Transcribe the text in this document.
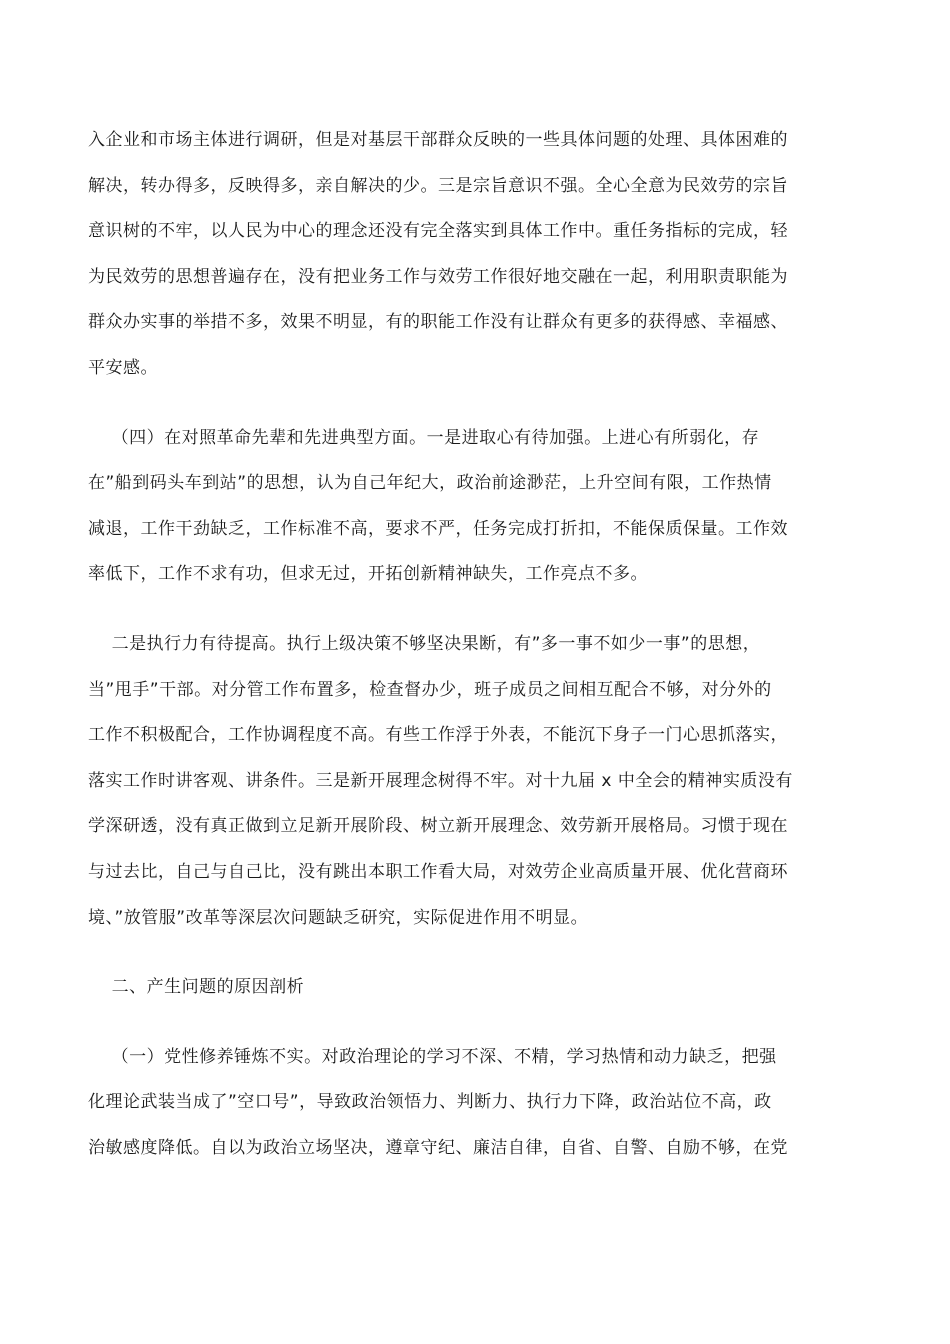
入企业和市场主体进行调研，但是对基层干部群众反映的一些具体问题的处理、具体困难的
解决，转办得多，反映得多，亲自解决的少。三是宗旨意识不强。全心全意为民效劳的宗旨
意识树的不牢，以人民为中心的理念还没有完全落实到具体工作中。重任务指标的完成，轻
为民效劳的思想普遍存在，没有把业务工作与效劳工作很好地交融在一起，利用职责职能为
群众办实事的举措不多，效果不明显，有的职能工作没有让群众有更多的获得感、幸福感、
平安感。
（四）在对照革命先辈和先进典型方面。一是进取心有待加强。上进心有所弱化，存
在”船到码头车到站”的思想，认为自己年纪大，政治前途渺茫，上升空间有限，工作热情
减退，工作干劲缺乏，工作标准不高，要求不严，任务完成打折扣，不能保质保量。工作效
率低下，工作不求有功，但求无过，开拓创新精神缺失，工作亮点不多。
二是执行力有待提高。执行上级决策不够坚决果断，有”多一事不如少一事”的思想，
当”甩手”干部。对分管工作布置多，检查督办少，班子成员之间相互配合不够，对分外的
工作不积极配合，工作协调程度不高。有些工作浮于外表，不能沉下身子一门心思抓落实，
落实工作时讲客观、讲条件。三是新开展理念树得不牢。对十九届 x 中全会的精神实质没有
学深研透，没有真正做到立足新开展阶段、树立新开展理念、效劳新开展格局。习惯于现在
与过去比，自己与自己比，没有跳出本职工作看大局，对效劳企业高质量开展、优化营商环
境、”放管服”改革等深层次问题缺乏研究，实际促进作用不明显。
二、产生问题的原因剖析
（一）党性修养锤炼不实。对政治理论的学习不深、不精，学习热情和动力缺乏，把强
化理论武装当成了”空口号”，导致政治领悟力、判断力、执行力下降，政治站位不高，政
治敏感度降低。自以为政治立场坚决，遵章守纪、廉洁自律，自省、自警、自励不够，在党
